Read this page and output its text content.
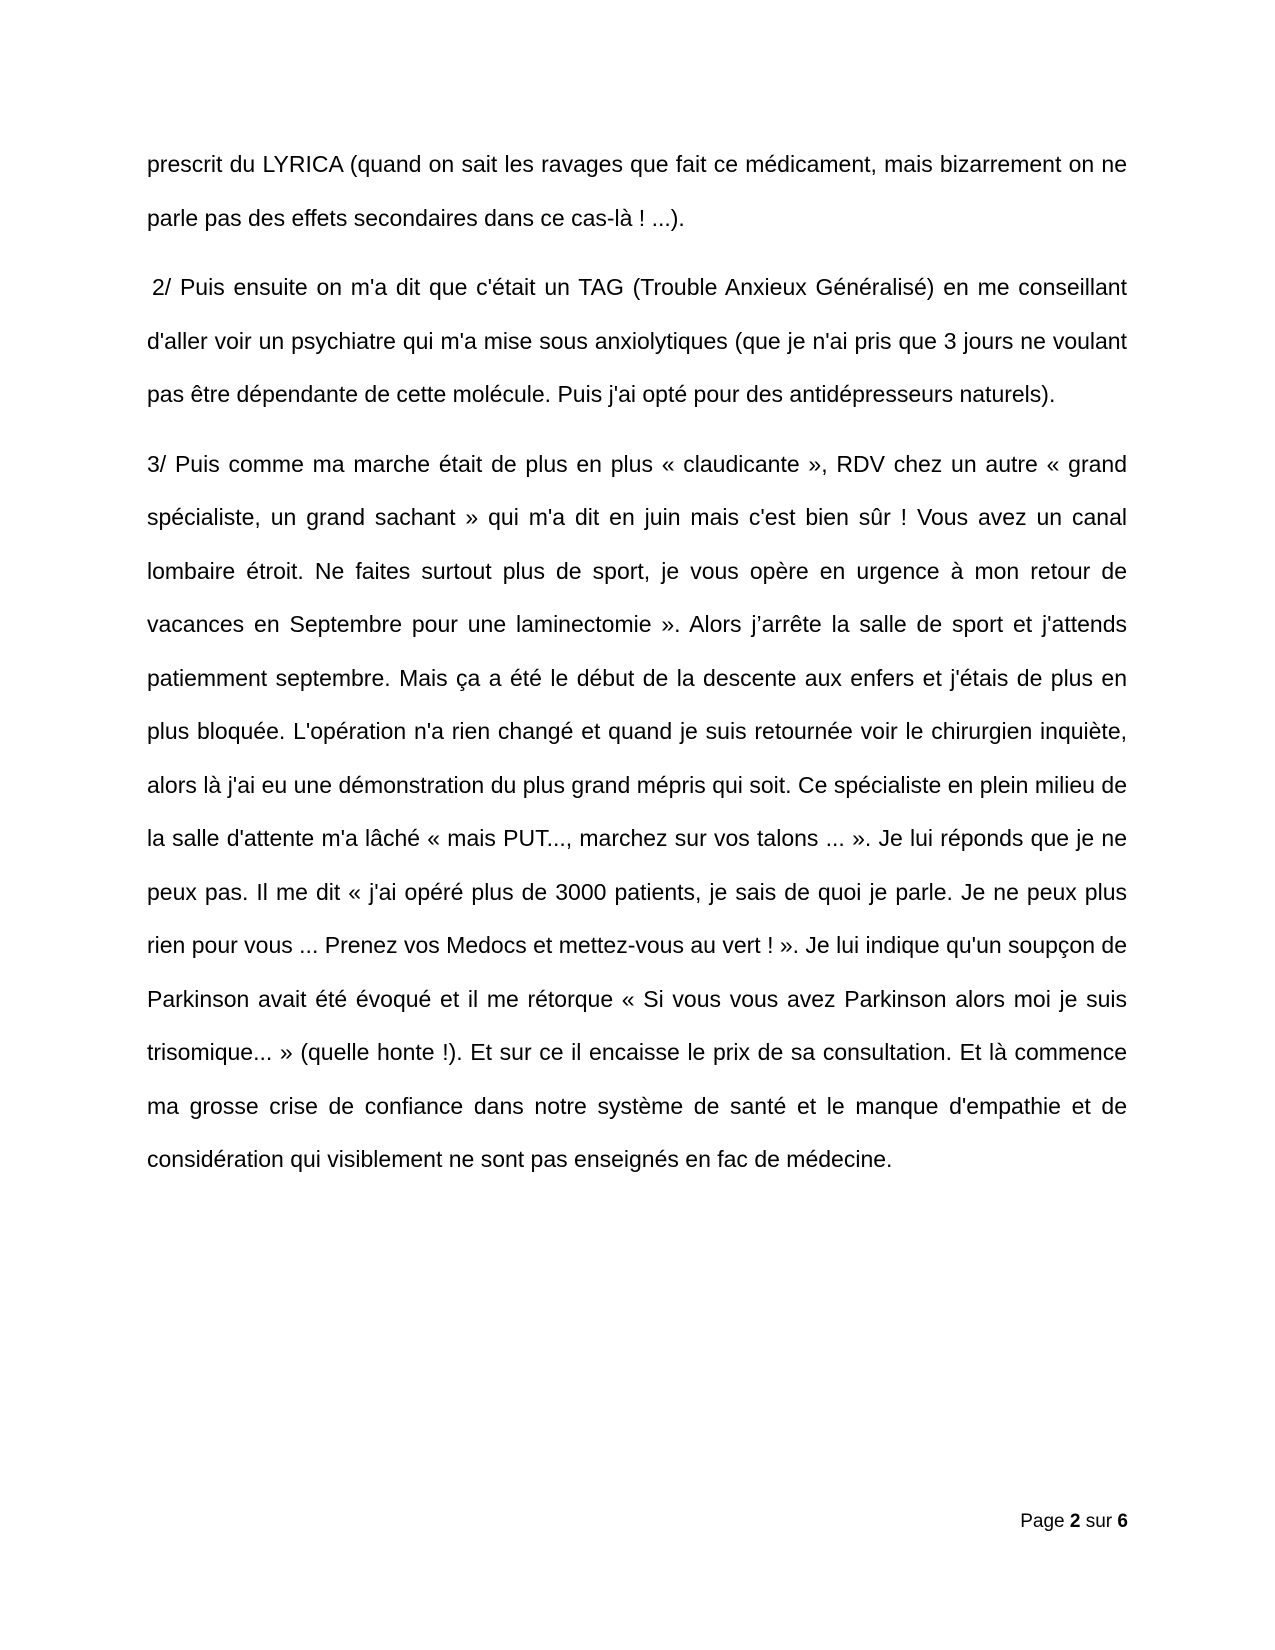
prescrit du LYRICA (quand on sait les ravages que fait ce médicament, mais bizarrement on ne parle pas des effets secondaires dans ce cas-là ! ...).

2/ Puis ensuite on m'a dit que c'était un TAG (Trouble Anxieux Généralisé) en me conseillant d'aller voir un psychiatre qui m'a mise sous anxiolytiques (que je n'ai pris que 3 jours ne voulant pas être dépendante de cette molécule. Puis j'ai opté pour des antidépresseurs naturels).

3/ Puis comme ma marche était de plus en plus « claudicante », RDV chez un autre « grand spécialiste, un grand sachant » qui m'a dit en juin mais c'est bien sûr ! Vous avez un canal lombaire étroit. Ne faites surtout plus de sport, je vous opère en urgence à mon retour de vacances en Septembre pour une laminectomie ». Alors j’arrête la salle de sport et j'attends patiemment septembre. Mais ça a été le début de la descente aux enfers et j'étais de plus en plus bloquée. L'opération n'a rien changé et quand je suis retournée voir le chirurgien inquiète, alors là j'ai eu une démonstration du plus grand mépris qui soit. Ce spécialiste en plein milieu de la salle d'attente m'a lâché « mais PUT..., marchez sur vos talons ... ». Je lui réponds que je ne peux pas. Il me dit « j'ai opéré plus de 3000 patients, je sais de quoi je parle. Je ne peux plus rien pour vous ... Prenez vos Medocs et mettez-vous au vert ! ». Je lui indique qu'un soupçon de Parkinson avait été évoqué et il me rétorque « Si vous vous avez Parkinson alors moi je suis trisomique... » (quelle honte !). Et sur ce il encaisse le prix de sa consultation. Et là commence ma grosse crise de confiance dans notre système de santé et le manque d'empathie et de considération qui visiblement ne sont pas enseignés en fac de médecine.

Page 2 sur 6
